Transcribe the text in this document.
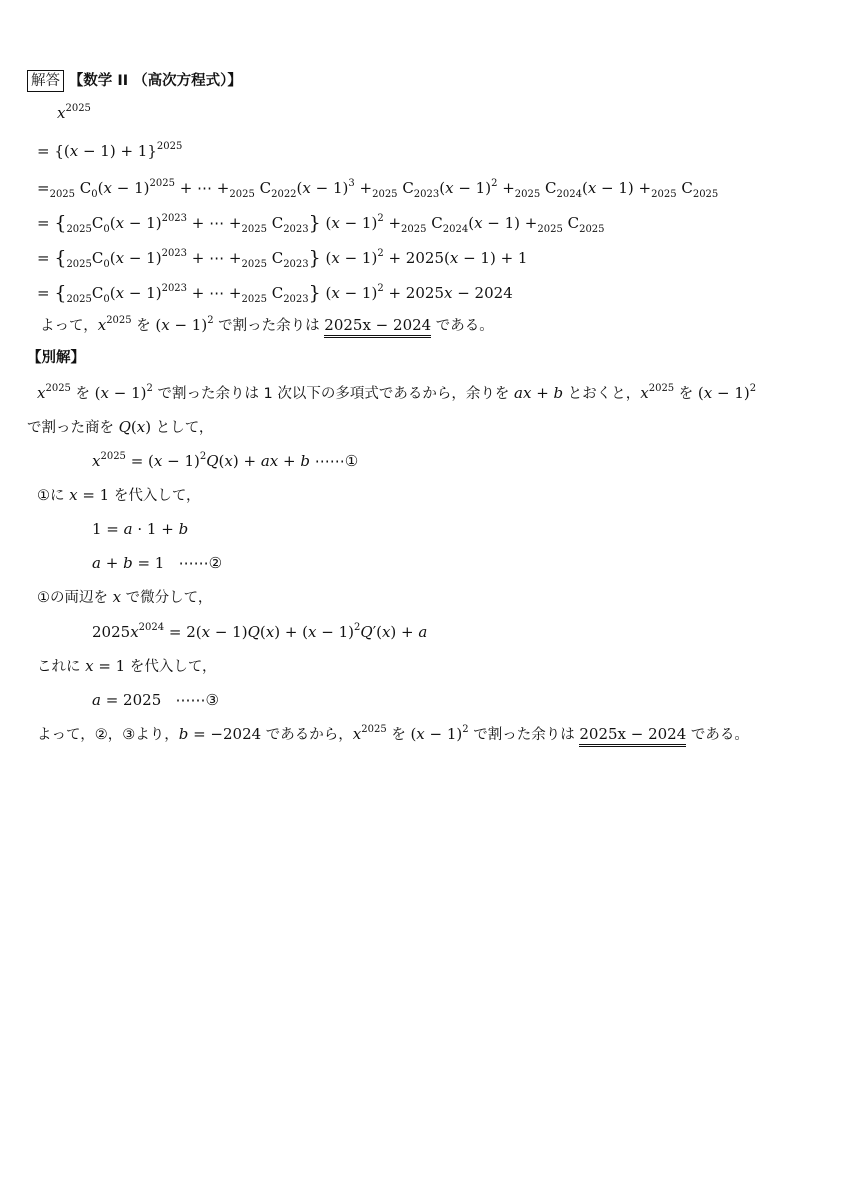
解答 【数学 II （高次方程式）】
$x^{2025}$
= $\{(x - 1) + 1\}^{2025}$
$=_{2025}$ $C_0(x - 1)^{2025}$ + ⋯ $+_{2025}$ $C_{2022}(x - 1)^3 +_{2025}$ $C_{2023}(x - 1)^2 +_{2025}$ $C_{2024}(x - 1) +_{2025}$ $C_{2025}$
= {$_{2025}C_0(x - 1)^{2023}$ + ⋯ $+_{2025}$ $C_{2023}$} $(x - 1)^2 +_{2025}$ $C_{2024}(x - 1) +_{2025}$ $C_{2025}$
= {$_{2025}C_0(x - 1)^{2023}$ + ⋯ $+_{2025}$ $C_{2023}$} $(x - 1)^2 + 2025(x - 1) + 1$
= {$_{2025}C_0(x - 1)^{2023}$ + ⋯ $+_{2025}$ $C_{2023}$} $(x - 1)^2 + 2025x - 2024$
よって，$x^{2025}$ を $(x - 1)^2$ で割った余りは 2025x − 2024 である。
【別解】
$x^{2025}$ を $(x - 1)^2$ で割った余りは 1 次以下の多項式であるから，余りを ax + b とおくと，$x^{2025}$ を $(x - 1)^2$
で割った商を Q(x) として，
$x^{2025} = (x - 1)^2Q(x)$ + ax + b ⋯⋯①
①に x = 1 を代入して，
1 = a · 1 + b
a + b = 1   ⋯⋯②
①の両辺を x で微分して，
$2025x^{2024} = 2(x - 1)Q(x) + (x - 1)^2Q'(x) + a$
これに x = 1 を代入して，
a = 2025   ⋯⋯③
よって，②，③より，b = −2024 であるから，$x^{2025}$ を $(x - 1)^2$ で割った余りは 2025x − 2024 である。
